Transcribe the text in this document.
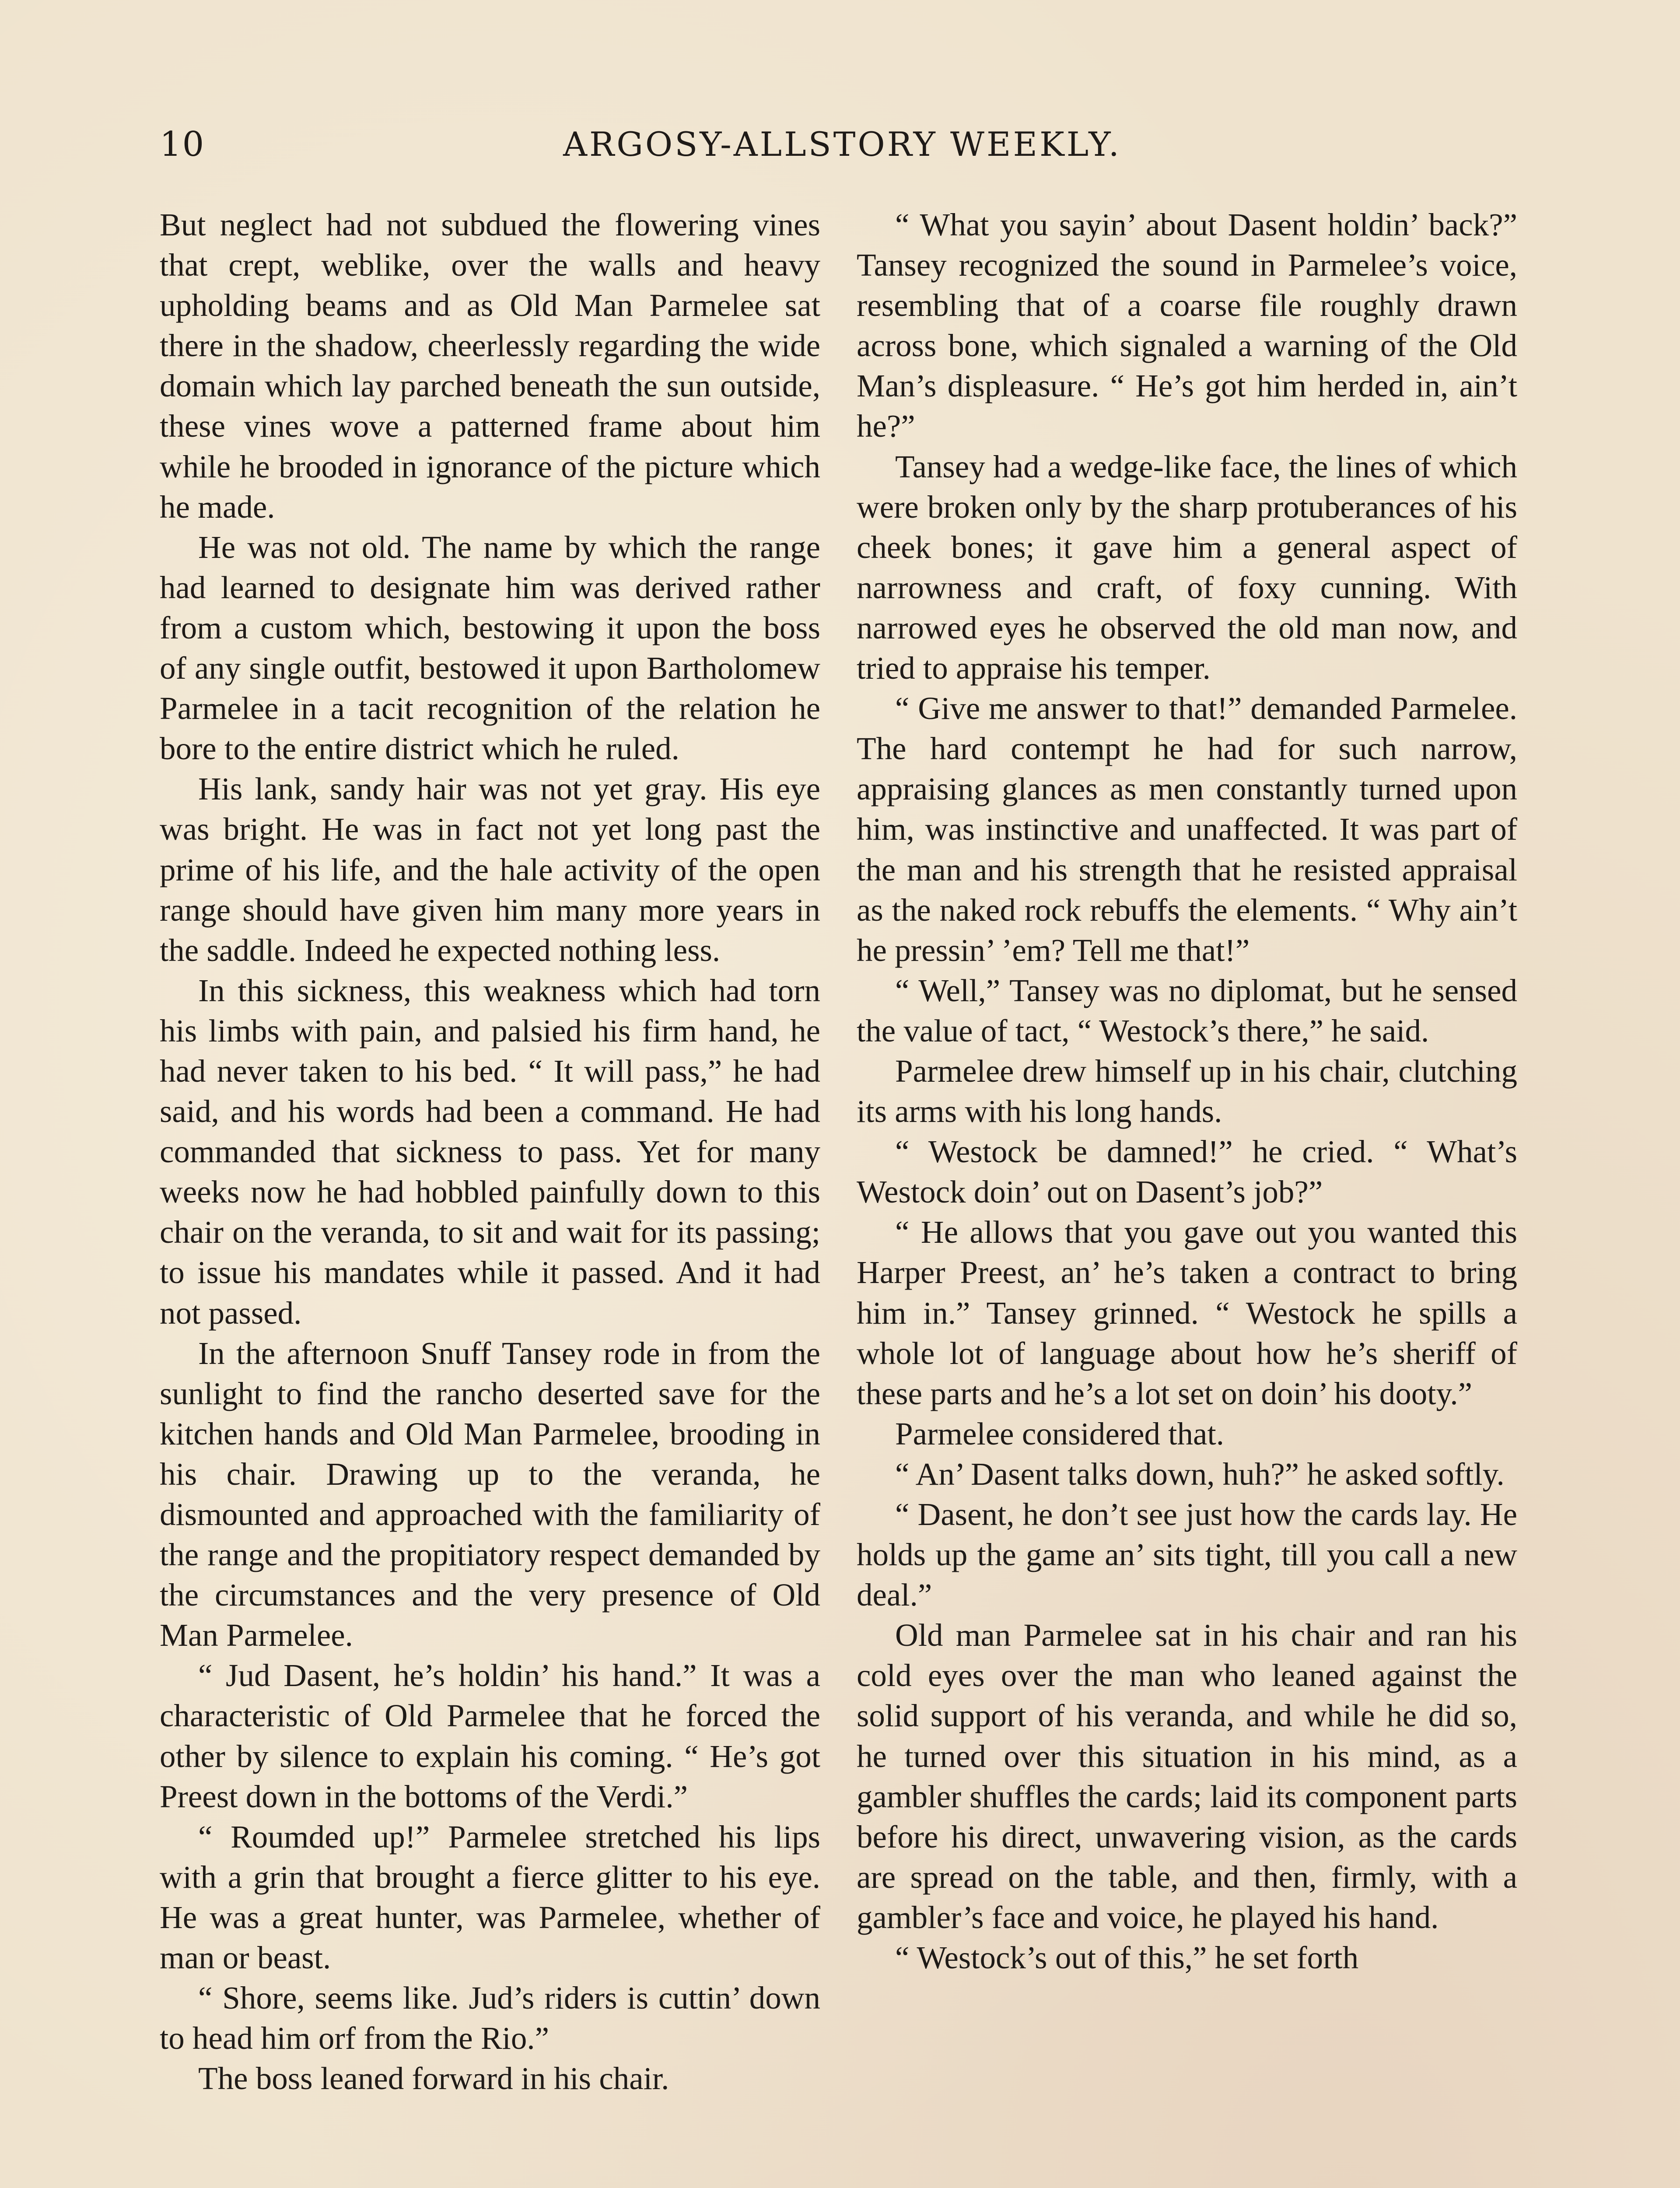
10	ARGOSY-ALLSTORY WEEKLY.

But neglect had not subdued the flowering vines that crept, weblike, over the walls and heavy upholding beams and as Old Man Parmelee sat there in the shadow, cheerlessly regarding the wide domain which lay parched beneath the sun outside, these vines wove a patterned frame about him while he brooded in ignorance of the picture which he made.

He was not old. The name by which the range had learned to designate him was derived rather from a custom which, bestowing it upon the boss of any single outfit, bestowed it upon Bartholomew Parmelee in a tacit recognition of the relation he bore to the entire district which he ruled.

His lank, sandy hair was not yet gray. His eye was bright. He was in fact not yet long past the prime of his life, and the hale activity of the open range should have given him many more years in the saddle. Indeed he expected nothing less.

In this sickness, this weakness which had torn his limbs with pain, and palsied his firm hand, he had never taken to his bed. “ It will pass,” he had said, and his words had been a command. He had commanded that sickness to pass. Yet for many weeks now he had hobbled painfully down to this chair on the veranda, to sit and wait for its passing; to issue his mandates while it passed. And it had not passed.

In the afternoon Snuff Tansey rode in from the sunlight to find the rancho deserted save for the kitchen hands and Old Man Parmelee, brooding in his chair. Drawing up to the veranda, he dismounted and approached with the familiarity of the range and the propitiatory respect demanded by the circumstances and the very presence of Old Man Parmelee.

“ Jud Dasent, he’s holdin’ his hand.” It was a characteristic of Old Parmelee that he forced the other by silence to explain his coming. “ He’s got Preest down in the bottoms of the Verdi.”

“ Roumded up!” Parmelee stretched his lips with a grin that brought a fierce glitter to his eye. He was a great hunter, was Parmelee, whether of man or beast.

“ Shore, seems like. Jud’s riders is cuttin’ down to head him orf from the Rio.”

The boss leaned forward in his chair.

“ What you sayin’ about Dasent holdin’ back?” Tansey recognized the sound in Parmelee’s voice, resembling that of a coarse file roughly drawn across bone, which signaled a warning of the Old Man’s displeasure. “ He’s got him herded in, ain’t he?”

Tansey had a wedge-like face, the lines of which were broken only by the sharp protuberances of his cheek bones; it gave him a general aspect of narrowness and craft, of foxy cunning. With narrowed eyes he observed the old man now, and tried to appraise his temper.

“ Give me answer to that!” demanded Parmelee. The hard contempt he had for such narrow, appraising glances as men constantly turned upon him, was instinctive and unaffected. It was part of the man and his strength that he resisted appraisal as the naked rock rebuffs the elements. “ Why ain’t he pressin’ ’em? Tell me that!”

“ Well,” Tansey was no diplomat, but he sensed the value of tact, “ Westock’s there,” he said.

Parmelee drew himself up in his chair, clutching its arms with his long hands.

“ Westock be damned!” he cried. “ What’s Westock doin’ out on Dasent’s job?”

“ He allows that you gave out you wanted this Harper Preest, an’ he’s taken a contract to bring him in.” Tansey grinned. “ Westock he spills a whole lot of language about how he’s sheriff of these parts and he’s a lot set on doin’ his dooty.”

Parmelee considered that.

“ An’ Dasent talks down, huh?” he asked softly.

“ Dasent, he don’t see just how the cards lay. He holds up the game an’ sits tight, till you call a new deal.”

Old man Parmelee sat in his chair and ran his cold eyes over the man who leaned against the solid support of his veranda, and while he did so, he turned over this situation in his mind, as a gambler shuffles the cards; laid its component parts before his direct, unwavering vision, as the cards are spread on the table, and then, firmly, with a gambler’s face and voice, he played his hand.

“ Westock’s out of this,” he set forth
